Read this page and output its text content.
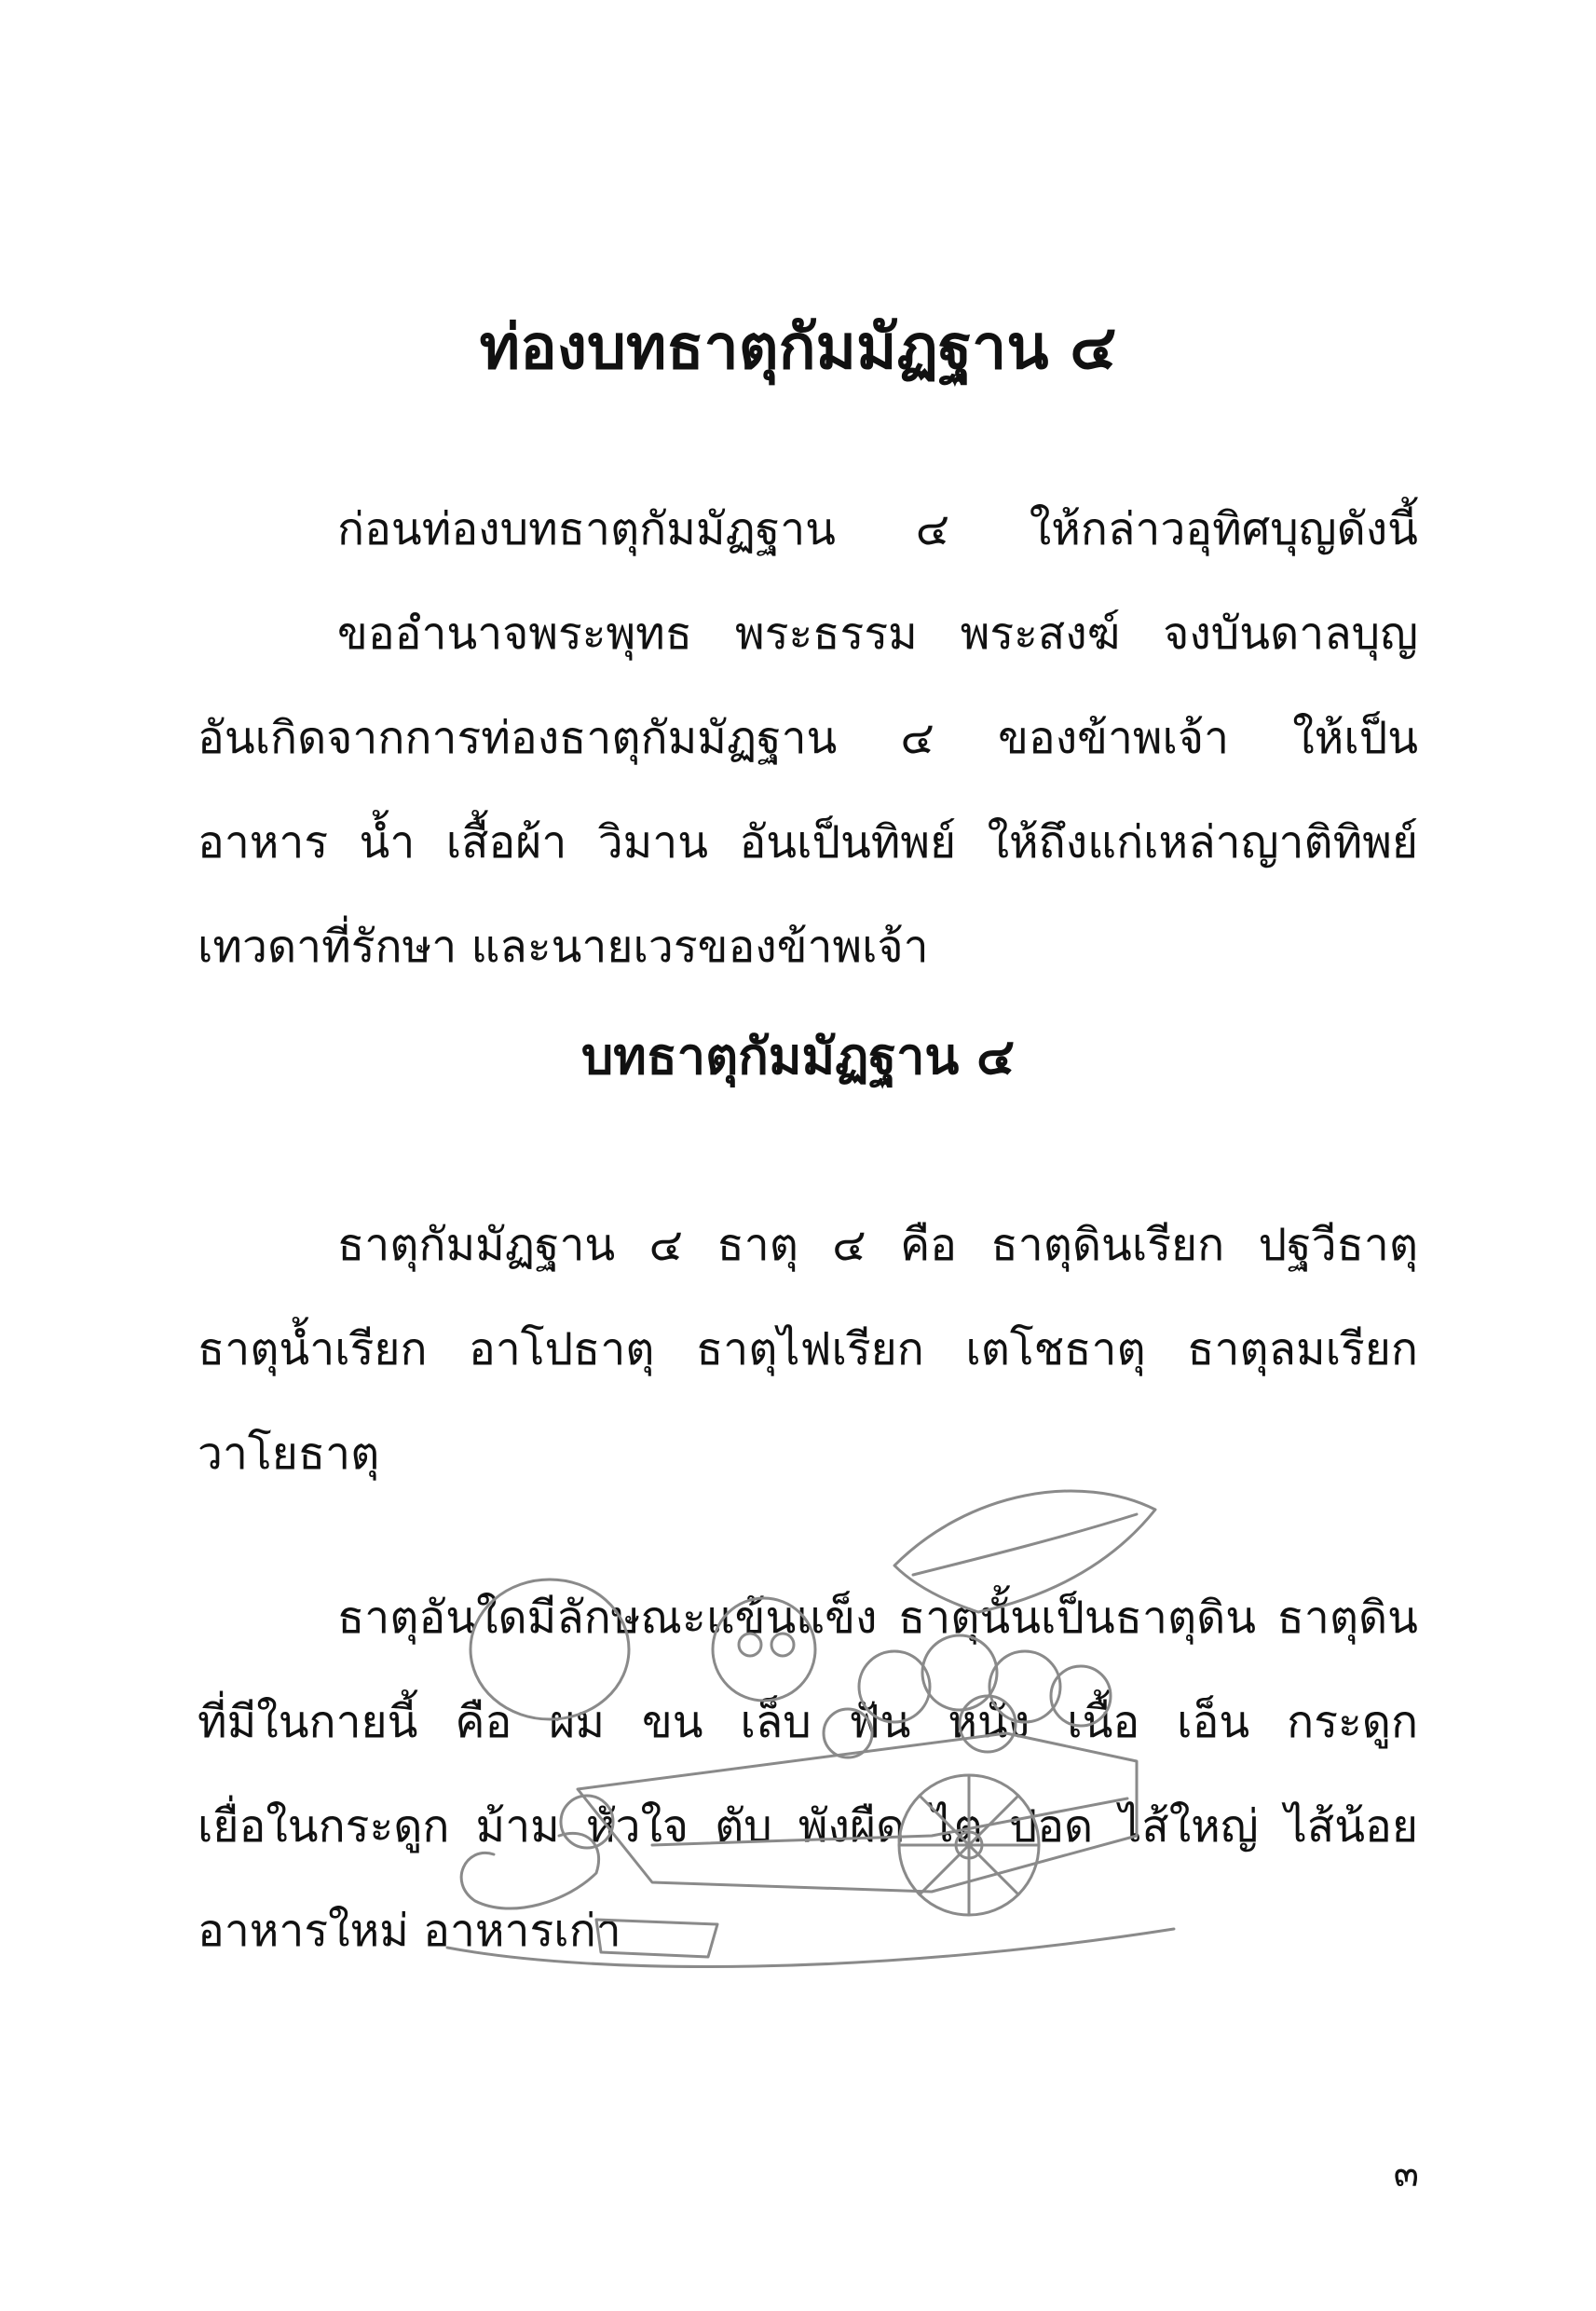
ท่องบทธาตุกัมมัฏฐาน ๔
ก่อนท่องบทธาตุกัมมัฏฐาน ๔ ให้กล่าวอุทิศบุญดังนี้
ขออำนาจพระพุทธ พระธรรม พระสงฆ์ จงบันดาลบุญ
อันเกิดจากการท่องธาตุกัมมัฏฐาน ๔ ของข้าพเจ้า ให้เป็น
อาหาร น้ำ เสื้อผ้า วิมาน อันเป็นทิพย์ ให้ถึงแก่เหล่าญาติทิพย์
เทวดาที่รักษา และนายเวรของข้าพเจ้า
บทธาตุกัมมัฏฐาน ๔
ธาตุกัมมัฏฐาน ๔ ธาตุ ๔ คือ ธาตุดินเรียก ปฐวีธาตุ
ธาตุน้ำเรียก อาโปธาตุ ธาตุไฟเรียก เตโชธาตุ ธาตุลมเรียก
วาโยธาตุ
ธาตุอันใดมีลักษณะแข้นแข็ง ธาตุนั้นเป็นธาตุดิน ธาตุดิน
ที่มีในกายนี้ คือ ผม ขน เล็บ ฟัน หนัง เนื้อ เอ็น กระดูก
เยื่อในกระดูก ม้าม หัวใจ ตับ พังผืด ไต ปอด ไส้ใหญ่ ไส้น้อย
อาหารใหม่ อาหารเก่า

๓
